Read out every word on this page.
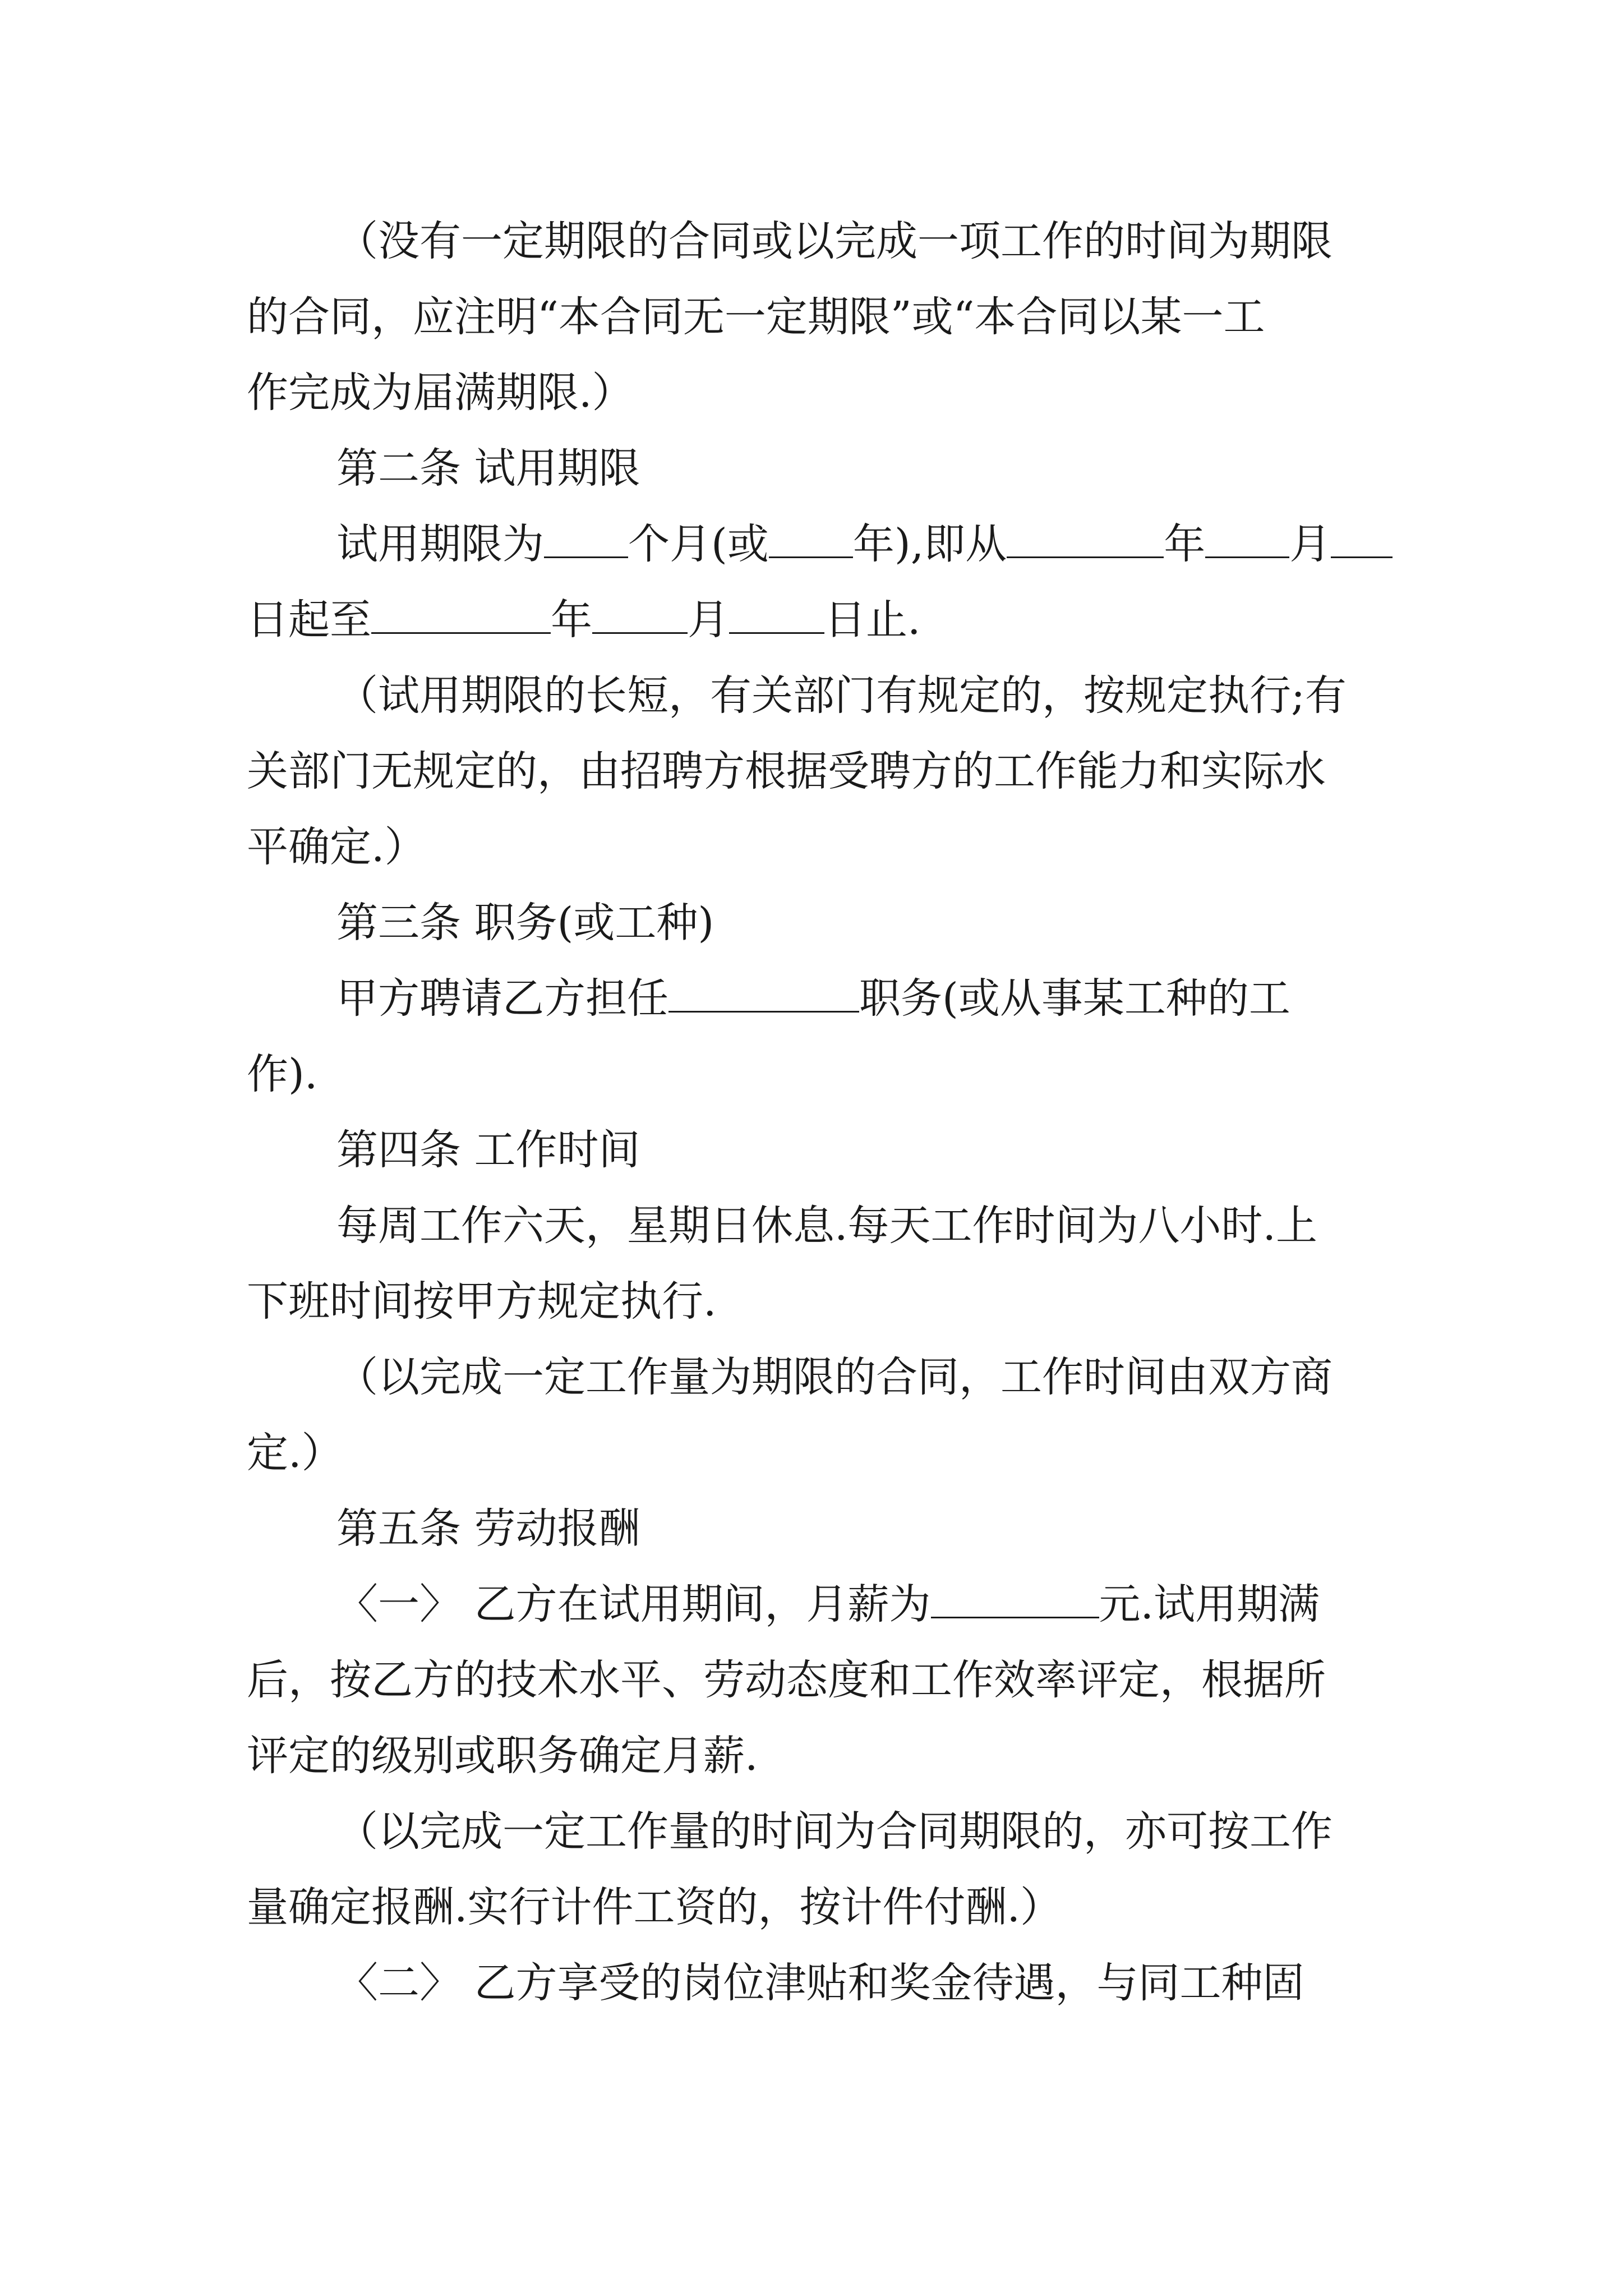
（没有一定期限的合同或以完成一项工作的时间为期限
的合同，应注明“本合同无一定期限”或“本合同以某一工
作完成为届满期限.）
第二条 试用期限
试用期限为 个月(或 年),即从	年 月
日起至	年 月 日止.
（试用期限的长短，有关部门有规定的，按规定执行;有
关部门无规定的，由招聘方根据受聘方的工作能力和实际水
平确定.）
第三条 职务(或工种)
甲方聘请乙方担任	职务(或从事某工种的工
作).
第四条 工作时间
每周工作六天，星期日休息.每天工作时间为八小时.上
下班时间按甲方规定执行.
（以完成一定工作量为期限的合同，工作时间由双方商
定.）
第五条 劳动报酬
〈一〉 乙方在试用期间，月薪为	元.试用期满
后，按乙方的技术水平、劳动态度和工作效率评定，根据所
评定的级别或职务确定月薪.
（以完成一定工作量的时间为合同期限的，亦可按工作
量确定报酬.实行计件工资的，按计件付酬.）
〈二〉 乙方享受的岗位津贴和奖金待遇，与同工种固
